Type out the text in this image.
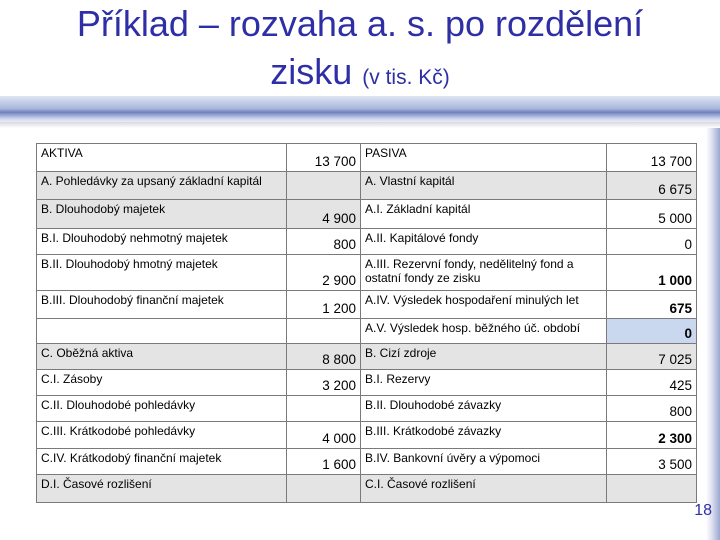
Příklad – rozvaha a. s. po rozdělení
zisku (v tis. Kč)
AKTIVA	13 700	PASIVA	13 700
A. Pohledávky za upsaný základní kapitál		A. Vlastní kapitál	6 675
B. Dlouhodobý majetek	4 900	A.I. Základní kapitál	5 000
B.I. Dlouhodobý nehmotný majetek	800	A.II. Kapitálové fondy	0
B.II. Dlouhodobý hmotný majetek	2 900	A.III. Rezervní fondy, nedělitelný fond a ostatní fondy ze zisku	1 000
B.III. Dlouhodobý finanční majetek	1 200	A.IV. Výsledek hospodaření minulých let	675
		A.V. Výsledek hosp. běžného úč. období	0
C. Oběžná aktiva	8 800	B. Cizí zdroje	7 025
C.I. Zásoby	3 200	B.I. Rezervy	425
C.II. Dlouhodobé pohledávky		B.II. Dlouhodobé závazky	800
C.III. Krátkodobé pohledávky	4 000	B.III. Krátkodobé závazky	2 300
C.IV. Krátkodobý finanční majetek	1 600	B.IV. Bankovní úvěry a výpomoci	3 500
D.I. Časové rozlišení		C.I. Časové rozlišení	
18
